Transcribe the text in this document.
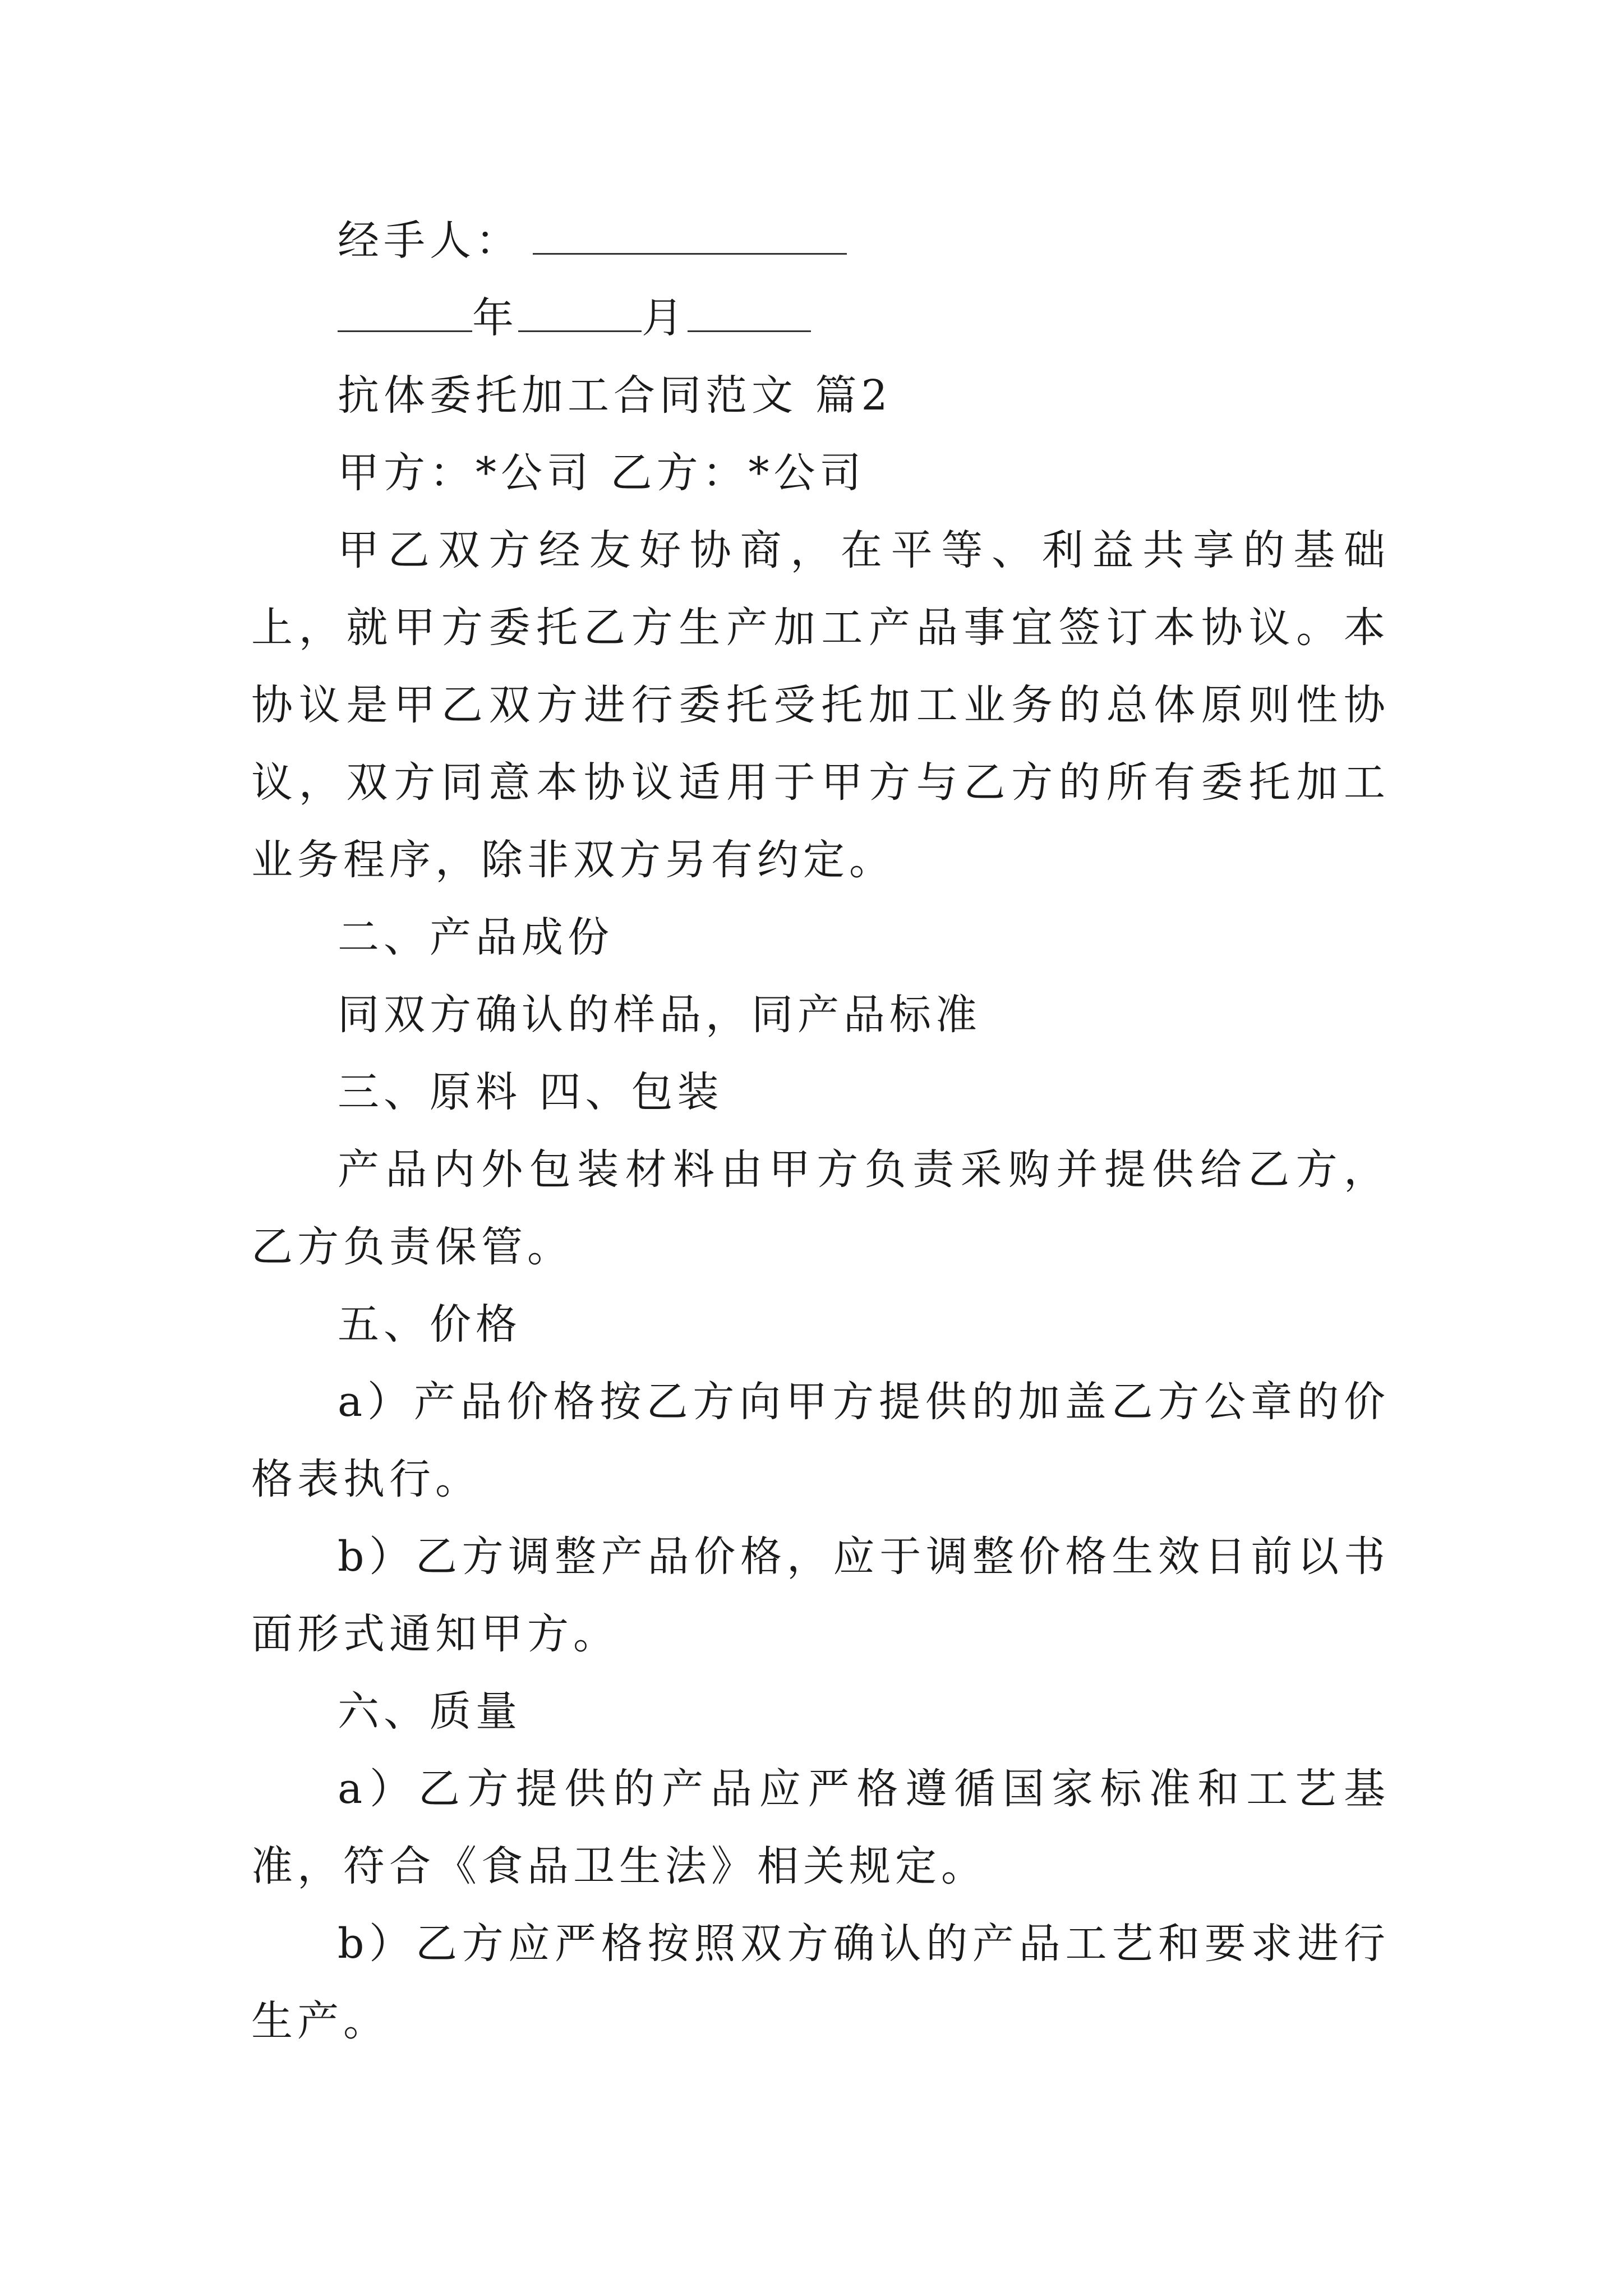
经手人：

年	月

抗体委托加工合同范文 篇2

甲方：*公司 乙方：*公司

甲乙双方经友好协商，在平等、利益共享的基础上，就甲方委托乙方生产加工产品事宜签订本协议。本协议是甲乙双方进行委托受托加工业务的总体原则性协议，双方同意本协议适用于甲方与乙方的所有委托加工业务程序，除非双方另有约定。

二、产品成份

同双方确认的样品，同产品标准

三、原料 四、包装

产品内外包装材料由甲方负责采购并提供给乙方，乙方负责保管。

五、价格

a）产品价格按乙方向甲方提供的加盖乙方公章的价格表执行。

b）乙方调整产品价格，应于调整价格生效日前以书面形式通知甲方。

六、质量

a）乙方提供的产品应严格遵循国家标准和工艺基准，符合《食品卫生法》相关规定。

b）乙方应严格按照双方确认的产品工艺和要求进行生产。
